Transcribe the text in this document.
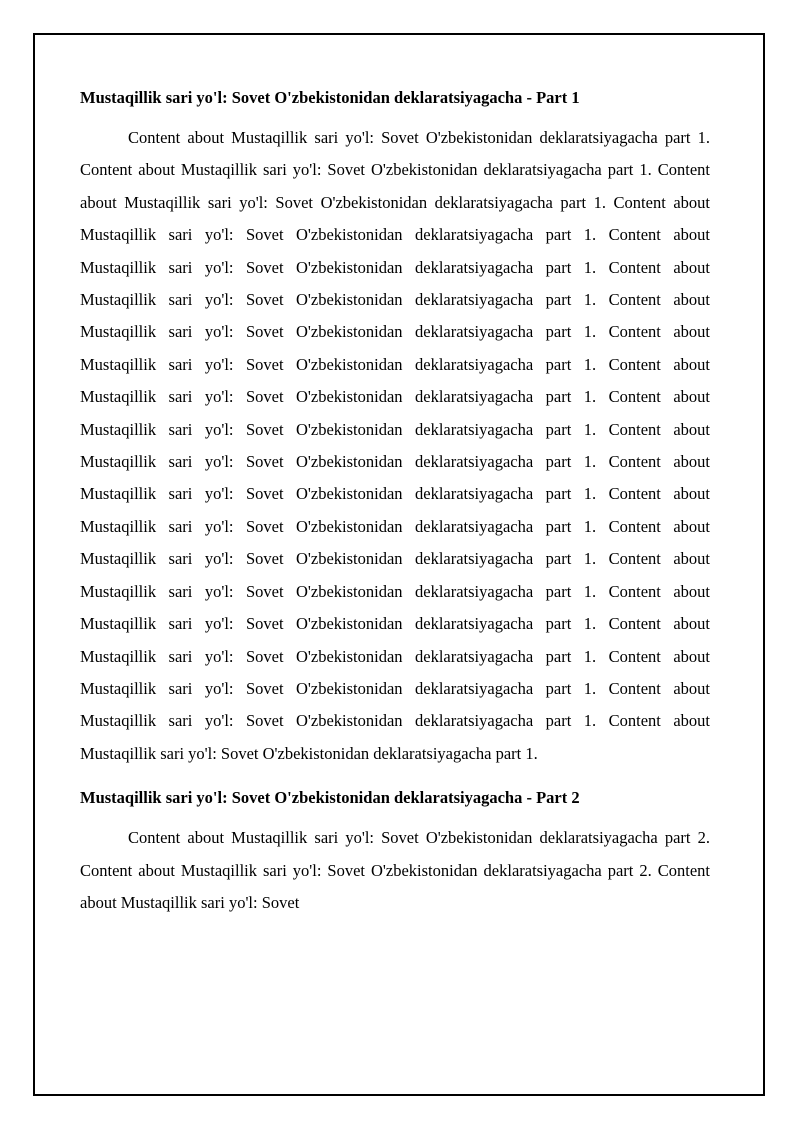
Mustaqillik sari yo'l: Sovet O'zbekistonidan deklaratsiyagacha - Part 1

Content about Mustaqillik sari yo'l: Sovet O'zbekistonidan deklaratsiyagacha part 1. Content about Mustaqillik sari yo'l: Sovet O'zbekistonidan deklaratsiyagacha part 1. Content about Mustaqillik sari yo'l: Sovet O'zbekistonidan deklaratsiyagacha part 1. Content about Mustaqillik sari yo'l: Sovet O'zbekistonidan deklaratsiyagacha part 1. Content about Mustaqillik sari yo'l: Sovet O'zbekistonidan deklaratsiyagacha part 1. Content about Mustaqillik sari yo'l: Sovet O'zbekistonidan deklaratsiyagacha part 1. Content about Mustaqillik sari yo'l: Sovet O'zbekistonidan deklaratsiyagacha part 1. Content about Mustaqillik sari yo'l: Sovet O'zbekistonidan deklaratsiyagacha part 1. Content about Mustaqillik sari yo'l: Sovet O'zbekistonidan deklaratsiyagacha part 1. Content about Mustaqillik sari yo'l: Sovet O'zbekistonidan deklaratsiyagacha part 1. Content about Mustaqillik sari yo'l: Sovet O'zbekistonidan deklaratsiyagacha part 1. Content about Mustaqillik sari yo'l: Sovet O'zbekistonidan deklaratsiyagacha part 1. Content about Mustaqillik sari yo'l: Sovet O'zbekistonidan deklaratsiyagacha part 1. Content about Mustaqillik sari yo'l: Sovet O'zbekistonidan deklaratsiyagacha part 1. Content about Mustaqillik sari yo'l: Sovet O'zbekistonidan deklaratsiyagacha part 1. Content about Mustaqillik sari yo'l: Sovet O'zbekistonidan deklaratsiyagacha part 1. Content about Mustaqillik sari yo'l: Sovet O'zbekistonidan deklaratsiyagacha part 1. Content about Mustaqillik sari yo'l: Sovet O'zbekistonidan deklaratsiyagacha part 1. Content about Mustaqillik sari yo'l: Sovet O'zbekistonidan deklaratsiyagacha part 1. Content about Mustaqillik sari yo'l: Sovet O'zbekistonidan deklaratsiyagacha part 1.

Mustaqillik sari yo'l: Sovet O'zbekistonidan deklaratsiyagacha - Part 2

Content about Mustaqillik sari yo'l: Sovet O'zbekistonidan deklaratsiyagacha part 2. Content about Mustaqillik sari yo'l: Sovet O'zbekistonidan deklaratsiyagacha part 2. Content about Mustaqillik sari yo'l: Sovet
